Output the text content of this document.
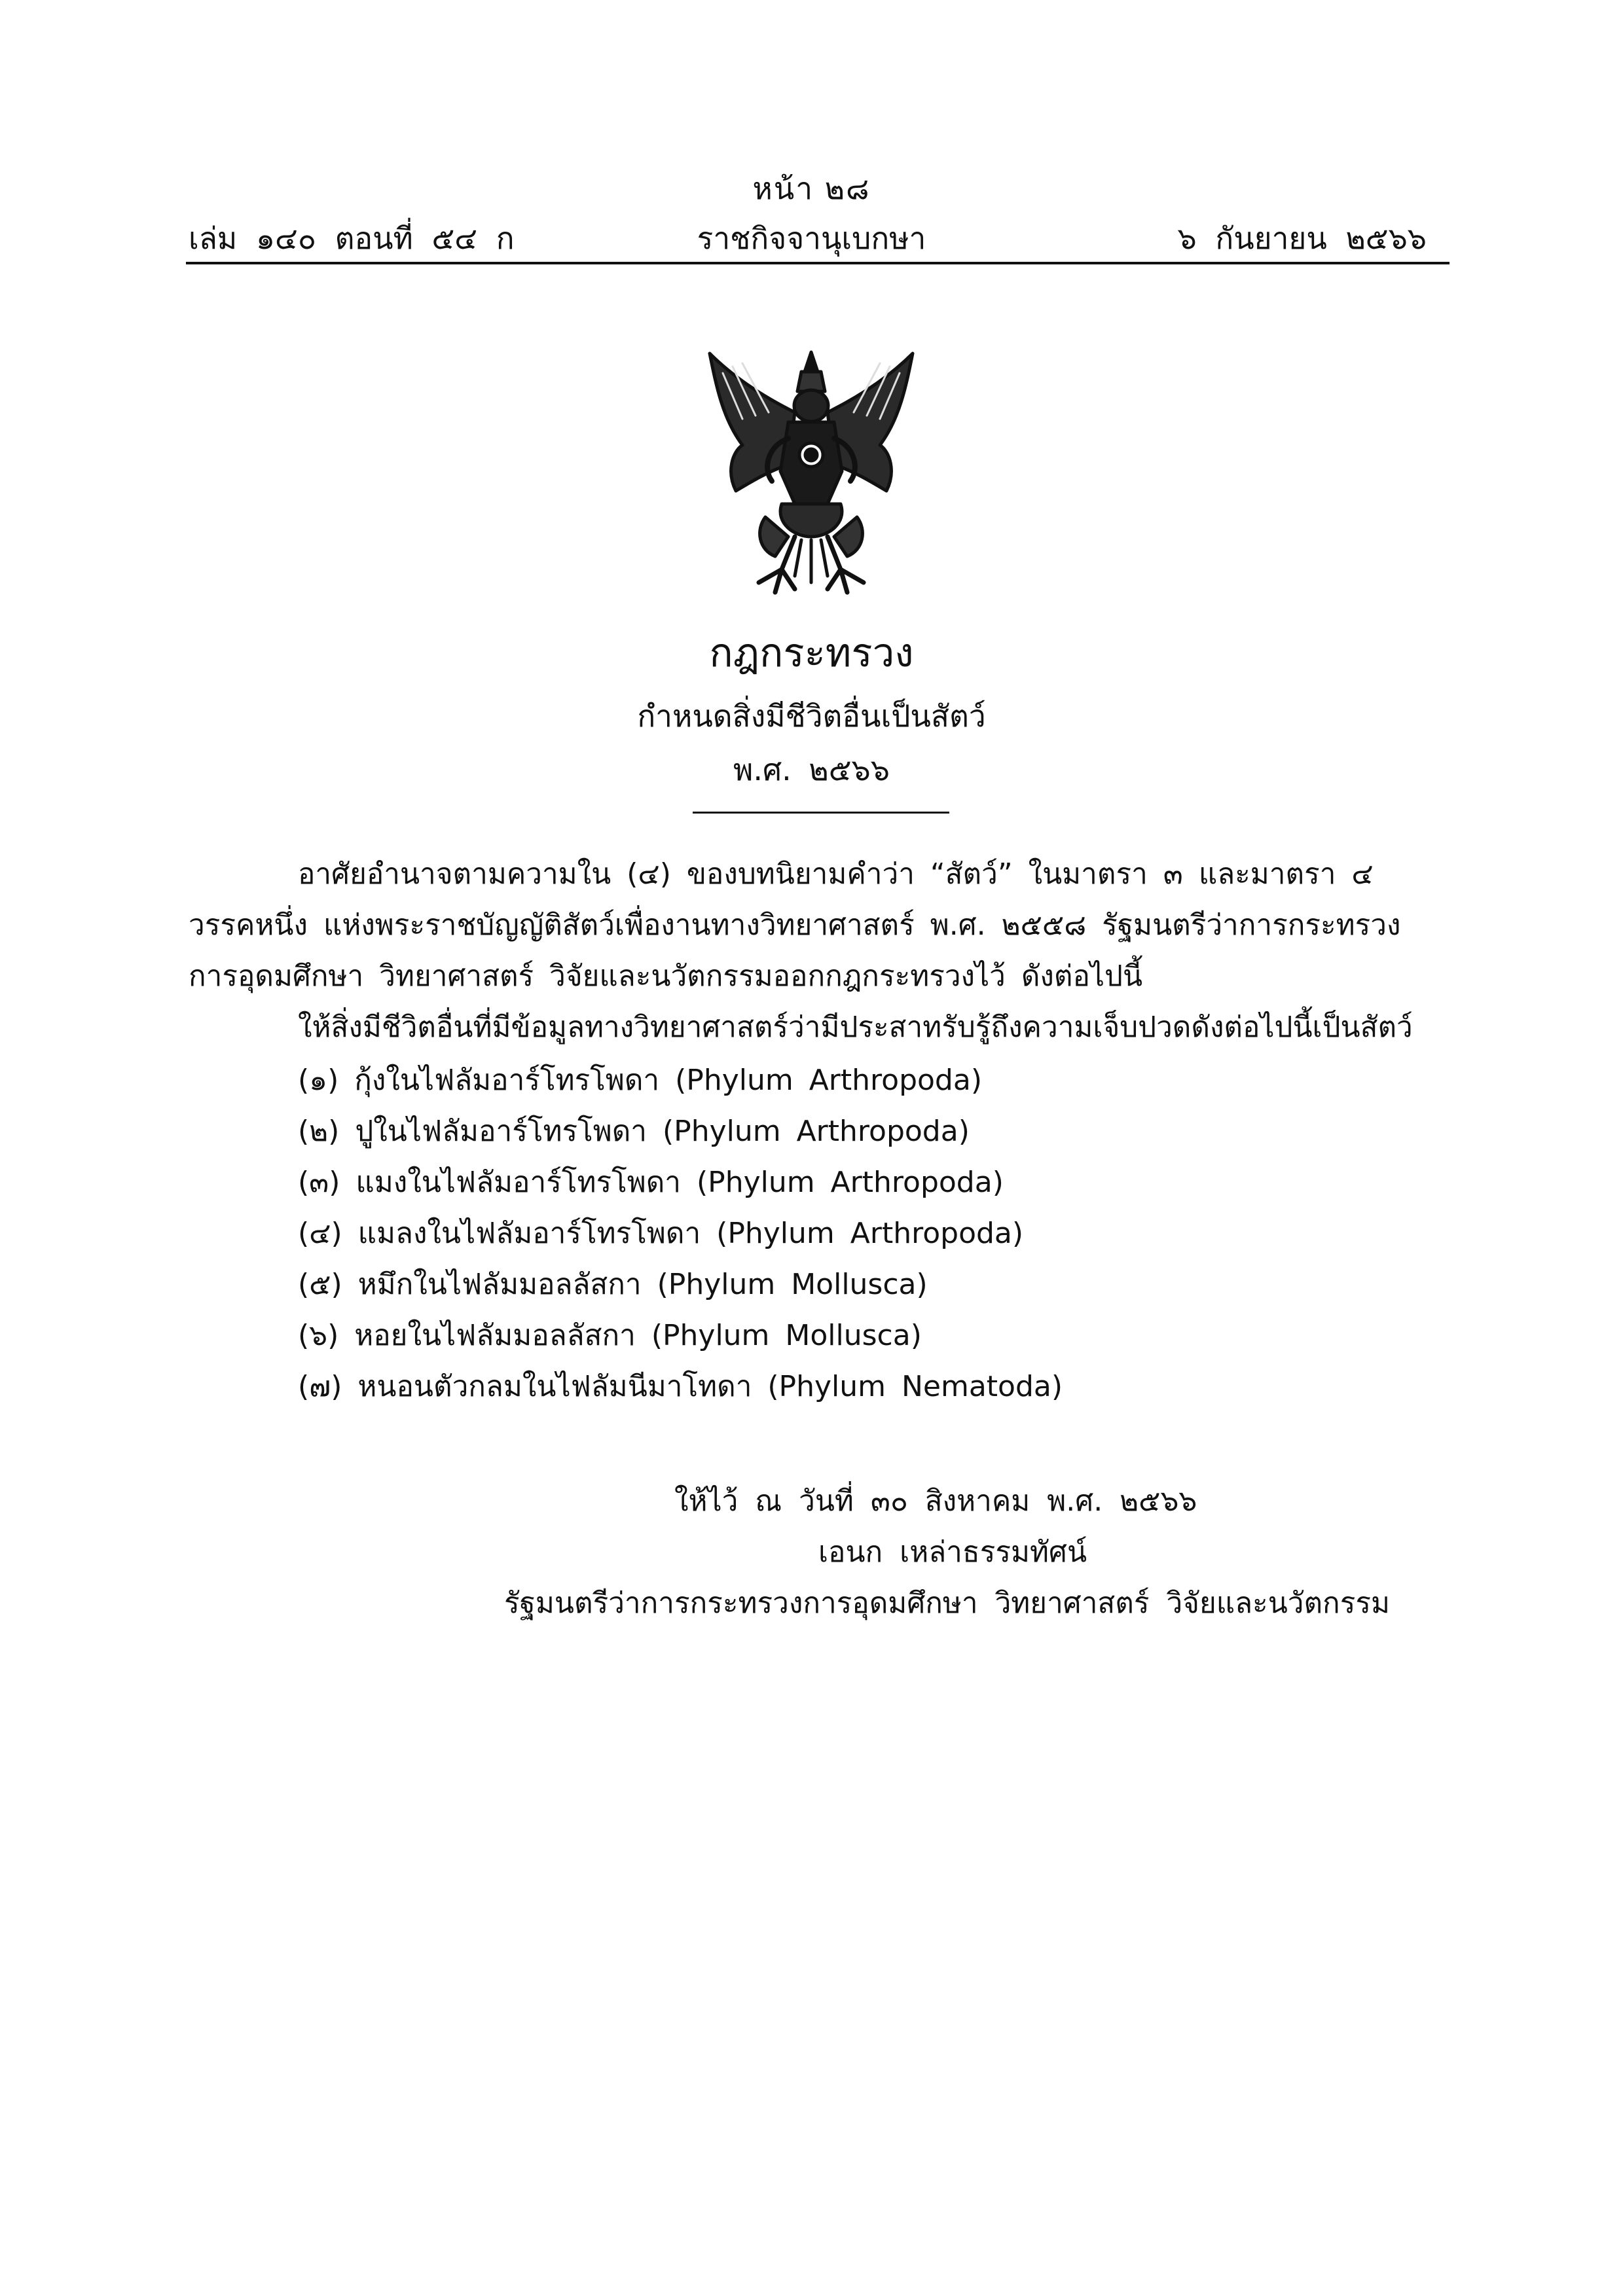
หน้า ๒๘
เล่ม ๑๔๐ ตอนที่ ๕๔ ก	ราชกิจจานุเบกษา	๖ กันยายน ๒๕๖๖
กฎกระทรวง
กำหนดสิ่งมีชีวิตอื่นเป็นสัตว์
พ.ศ. ๒๕๖๖
อาศัยอำนาจตามความใน (๔) ของบทนิยามคำว่า “สัตว์” ในมาตรา ๓ และมาตรา ๔
วรรคหนึ่ง แห่งพระราชบัญญัติสัตว์เพื่องานทางวิทยาศาสตร์ พ.ศ. ๒๕๕๘ รัฐมนตรีว่าการกระทรวง
การอุดมศึกษา วิทยาศาสตร์ วิจัยและนวัตกรรมออกกฎกระทรวงไว้ ดังต่อไปนี้
ให้สิ่งมีชีวิตอื่นที่มีข้อมูลทางวิทยาศาสตร์ว่ามีประสาทรับรู้ถึงความเจ็บปวดดังต่อไปนี้เป็นสัตว์
(๑) กุ้งในไฟลัมอาร์โทรโพดา (Phylum Arthropoda)
(๒) ปูในไฟลัมอาร์โทรโพดา (Phylum Arthropoda)
(๓) แมงในไฟลัมอาร์โทรโพดา (Phylum Arthropoda)
(๔) แมลงในไฟลัมอาร์โทรโพดา (Phylum Arthropoda)
(๕) หมึกในไฟลัมมอลลัสกา (Phylum Mollusca)
(๖) หอยในไฟลัมมอลลัสกา (Phylum Mollusca)
(๗) หนอนตัวกลมในไฟลัมนีมาโทดา (Phylum Nematoda)
ให้ไว้ ณ วันที่ ๓๐ สิงหาคม พ.ศ. ๒๕๖๖
เอนก เหล่าธรรมทัศน์
รัฐมนตรีว่าการกระทรวงการอุดมศึกษา วิทยาศาสตร์ วิจัยและนวัตกรรม
